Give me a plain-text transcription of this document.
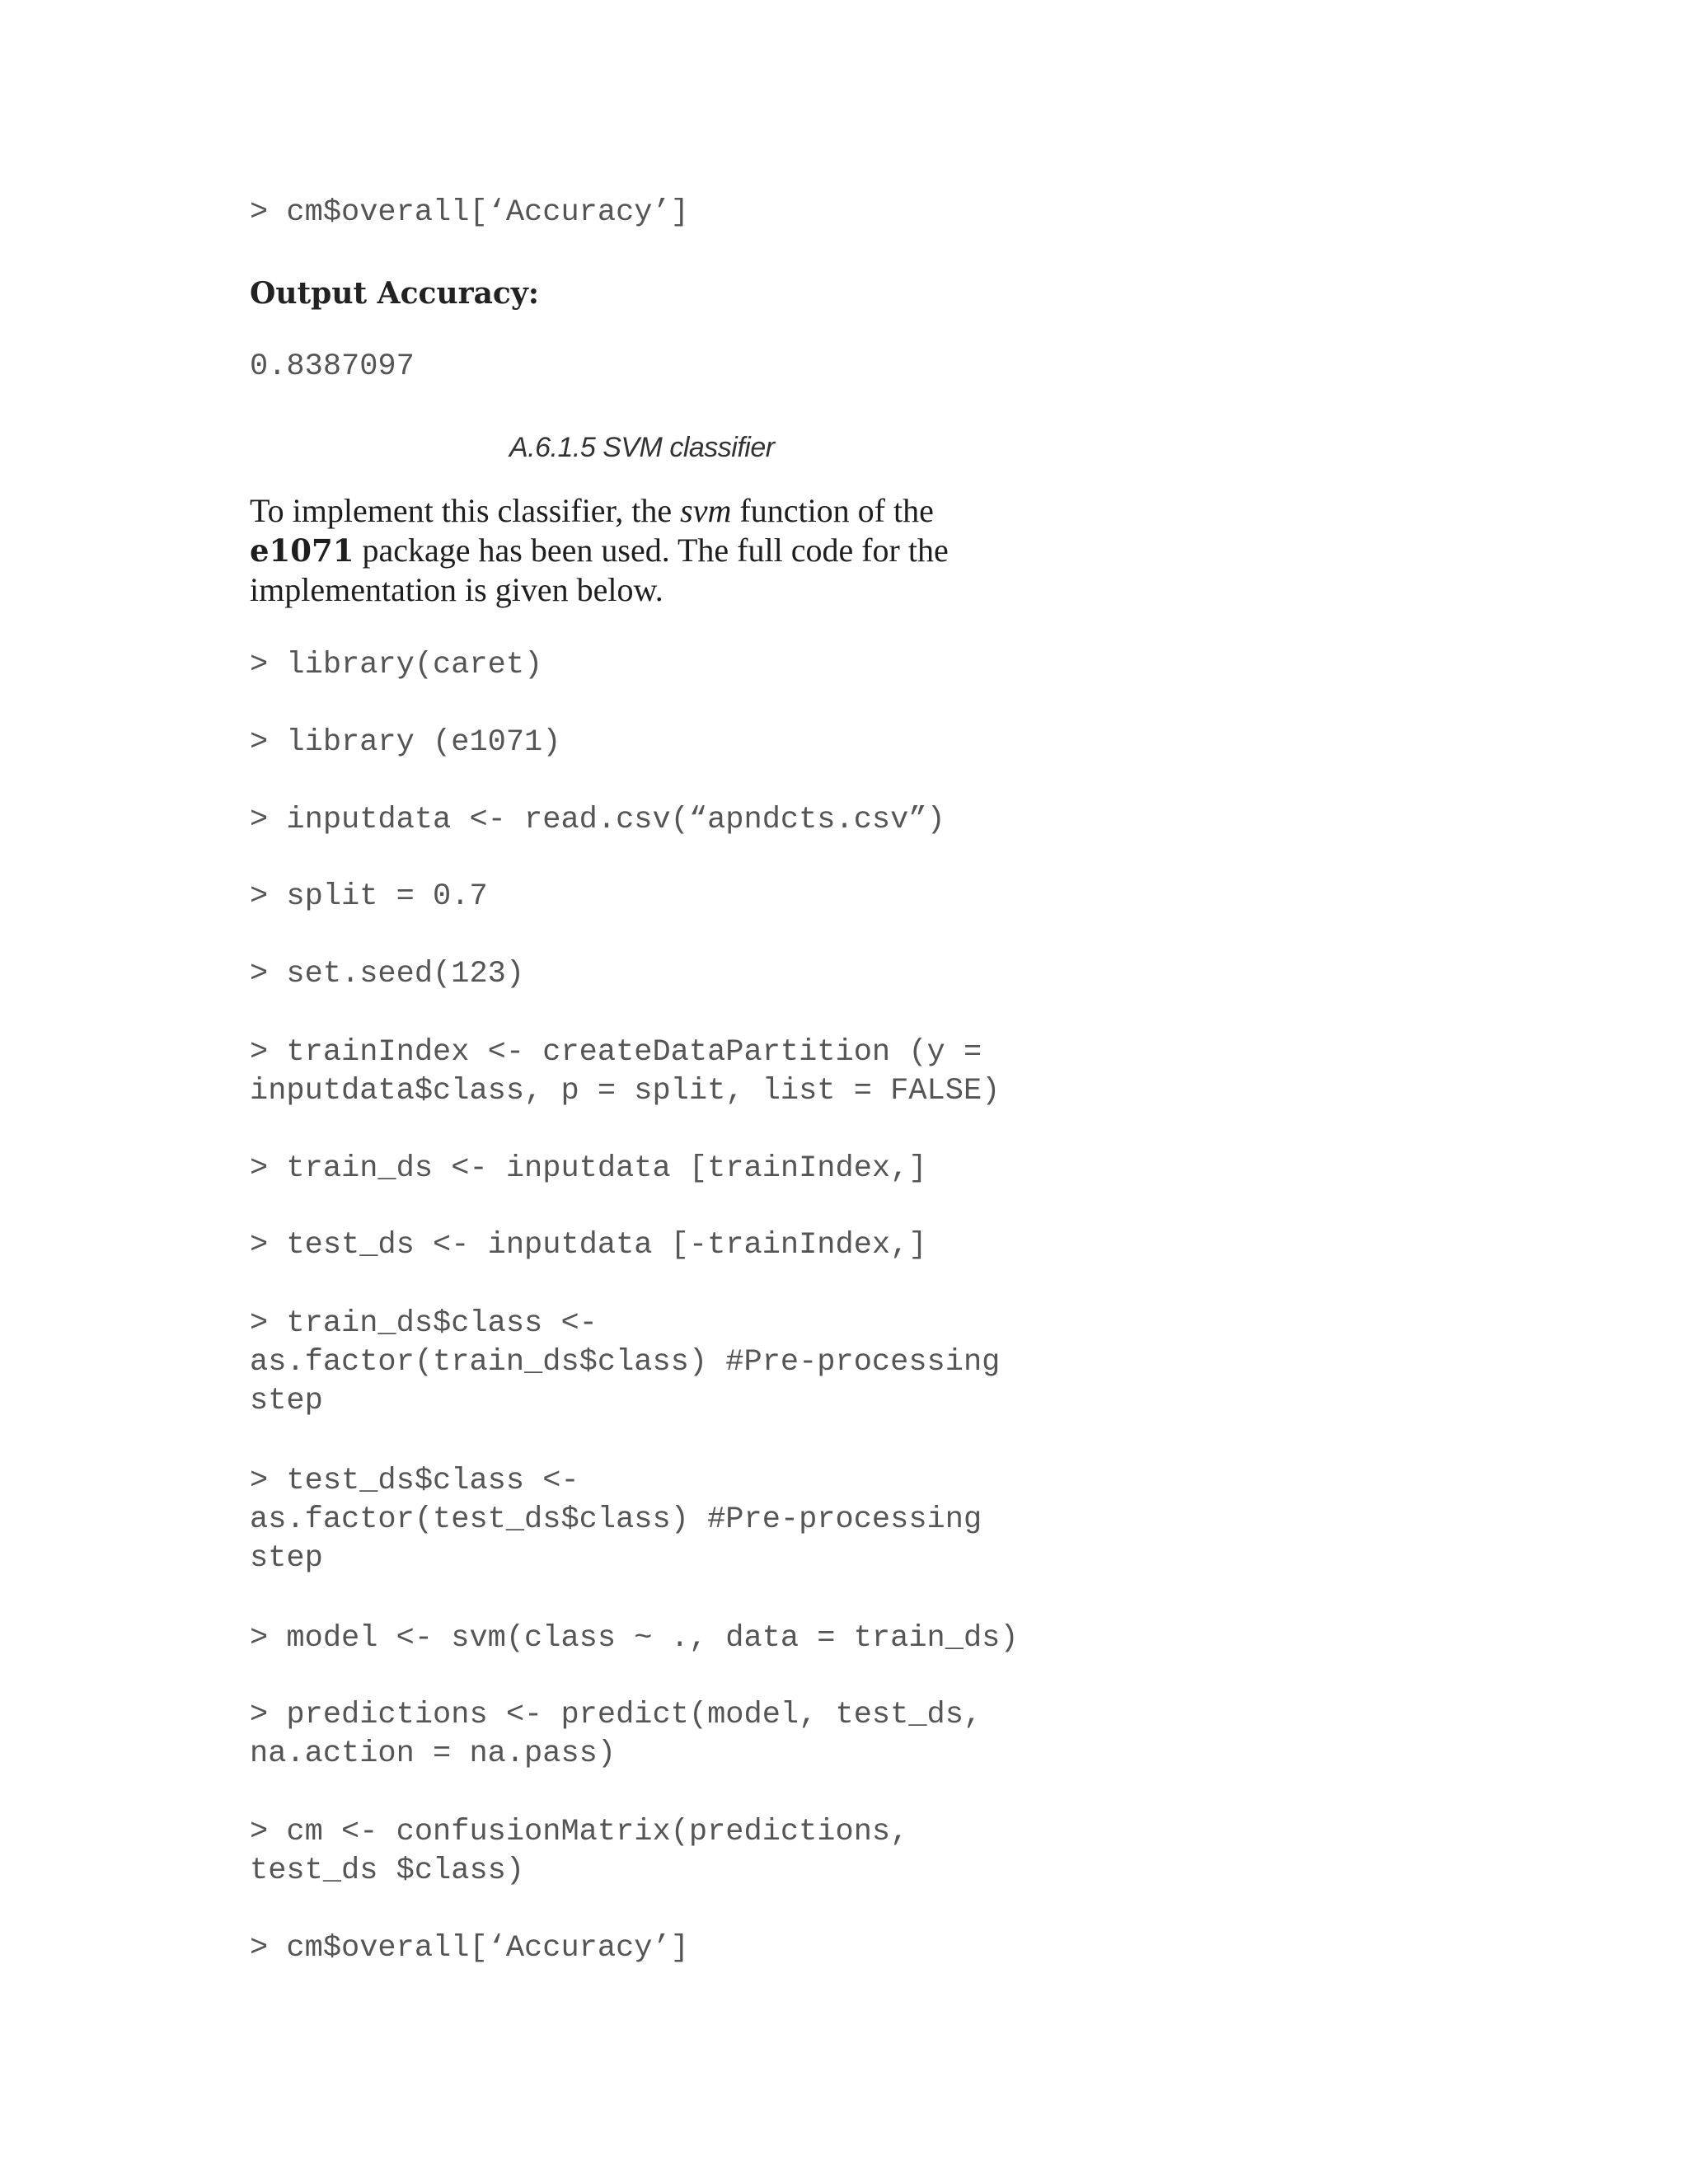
> cm$overall[‘Accuracy’]

Output Accuracy:

0.8387097

A.6.1.5 SVM classifier

To implement this classifier, the svm function of the
e1071 package has been used. The full code for the
implementation is given below.
> library(caret)
> library (e1071)
> inputdata <- read.csv(“apndcts.csv”)
> split = 0.7
> set.seed(123)
> trainIndex <- createDataPartition (y =
inputdata$class, p = split, list = FALSE)
> train_ds <- inputdata [trainIndex,]
> test_ds <- inputdata [-trainIndex,]
> train_ds$class <-
as.factor(train_ds$class) #Pre-processing
step
> test_ds$class <-
as.factor(test_ds$class) #Pre-processing
step
> model <- svm(class ~ ., data = train_ds)
> predictions <- predict(model, test_ds,
na.action = na.pass)
> cm <- confusionMatrix(predictions,
test_ds $class)
> cm$overall[‘Accuracy’]
